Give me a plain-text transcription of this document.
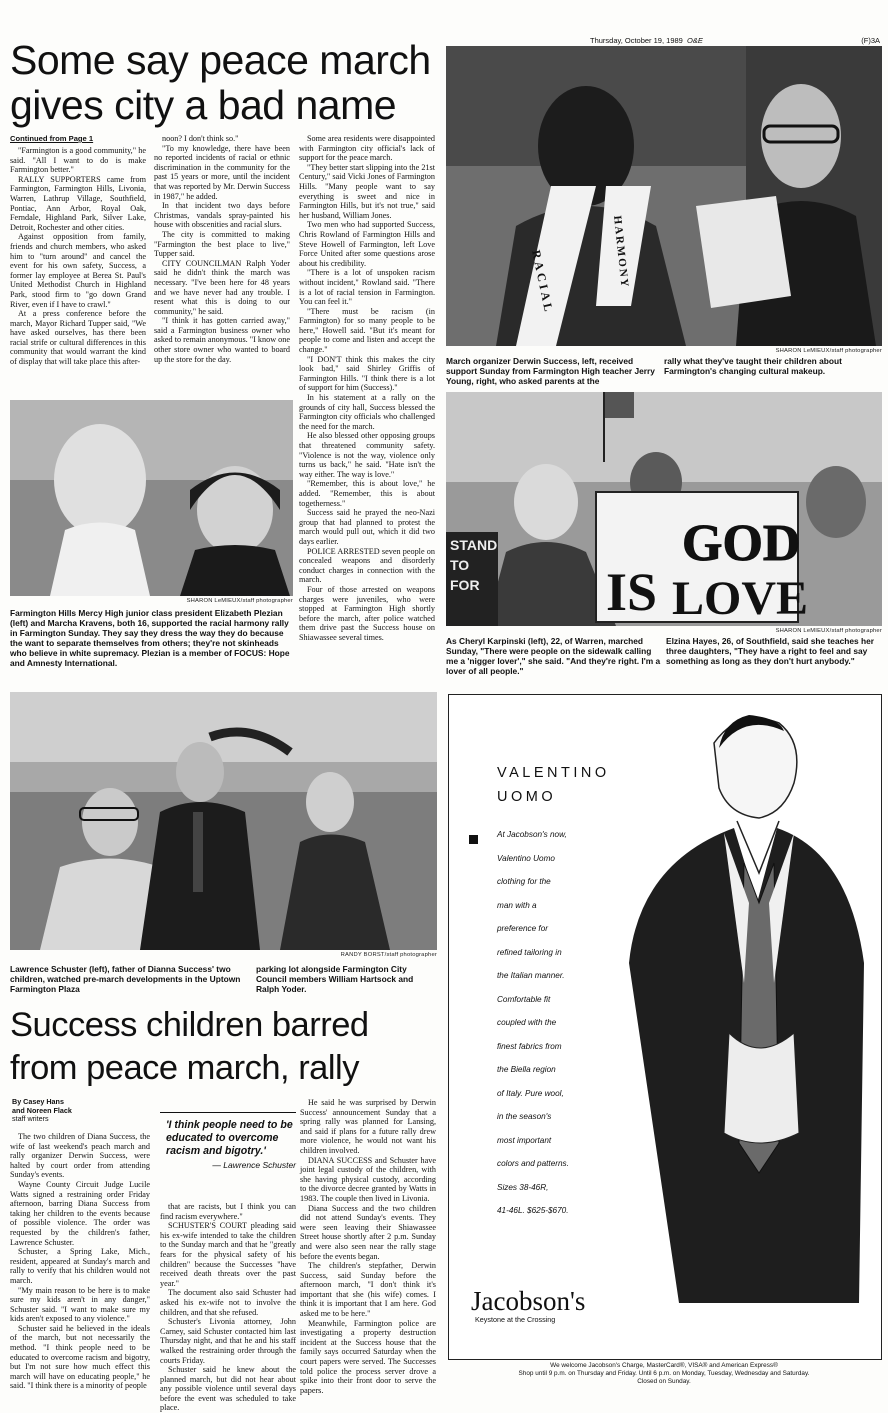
Some say peace march
gives city a bad name
Thursday, October 19, 1989 O&E	(F)3A
Continued from Page 1

"Farmington is a good community," he said. "All I want to do is make Farmington better."

RALLY SUPPORTERS came from Farmington, Farmington Hills, Livonia, Warren, Lathrup Village, Southfield, Pontiac, Ann Arbor, Royal Oak, Ferndale, Highland Park, Silver Lake, Detroit, Rochester and other cities.

Against opposition from family, friends and church members, who asked him to "turn around" and cancel the event for his own safety, Success, a former lay employee at Berea St. Paul's United Methodist Church in Highland Park, stood firm to "go down Grand River, even if I have to crawl."

At a press conference before the march, Mayor Richard Tupper said, "We have asked ourselves, has there been racial strife or cultural differences in this community that would warrant the kind of display that will take place this after-

noon? I don't think so."

"To my knowledge, there have been no reported incidents of racial or ethnic discrimination in the community for the past 15 years or more, until the incident that was reported by Mr. Derwin Success in 1987," he added.

In that incident two days before Christmas, vandals spray-painted his house with obscenities and racial slurs.

The city is committed to making "Farmington the best place to live," Tupper said.

CITY COUNCILMAN Ralph Yoder said he didn't think the march was necessary. "I've been here for 48 years and we have never had any trouble. I resent what this is doing to our community," he said.

"I think it has gotten carried away," said a Farmington business owner who asked to remain anonymous. "I know one other store owner who wanted to board up the store for the day.

Some area residents were disappointed with Farmington city official's lack of support for the peace march.

"They better start slipping into the 21st Century," said Vicki Jones of Farmington Hills. "Many people want to say everything is sweet and nice in Farmington Hills, but it's not true," said her husband, William Jones.

Two men who had supported Success, Chris Rowland of Farmington Hills and Steve Howell of Farmington, left Love Force United after some questions arose about his credibility.

"There is a lot of unspoken racism without incident," Rowland said. "There is a lot of racial tension in Farmington. You can feel it."

"There must be racism (in Farmington) for so many people to be here," Howell said. "But it's meant for people to come and listen and accept the change."

"I DON'T think this makes the city look bad," said Shirley Griffis of Farmington Hills. "I think there is a lot of support for him (Success)."

In his statement at a rally on the grounds of city hall, Success blessed the Farmington city officials who challenged the need for the march.

He also blessed other opposing groups that threatened community safety. "Violence is not the way, violence only turns us back," he said. "Hate isn't the way either. The way is love."

"Remember, this is about love," he added. "Remember, this is about togetherness."

Success said he prayed the neo-Nazi group that had planned to protest the march would pull out, which it did two days earlier.

POLICE ARRESTED seven people on concealed weapons and disorderly conduct charges in connection with the march.

Four of those arrested on weapons charges were juveniles, who were stopped at Farmington High shortly before the march, after police watched them drive past the Success house on Shiawassee several times.

RACIAL	HARMONY
SHARON LeMIEUX/staff photographer
March organizer Derwin Success, left, received support Sunday from Farmington High teacher Jerry Young, right, who asked parents at the
rally what they've taught their children about Farmington's changing cultural makeup.
SHARON LeMIEUX/staff photographer
Farmington Hills Mercy High junior class president Elizabeth Plezian (left) and Marcha Kravens, both 16, supported the racial harmony rally in Farmington Sunday. They say they dress the way they do because the want to separate themselves from others; they're not skinheads who believe in white supremacy. Plezian is a member of FOCUS: Hope and Amnesty International.
GOD
IS LOVE
STAND
TO
FOR
SHARON LeMIEUX/staff photographer
As Cheryl Karpinski (left), 22, of Warren, marched Sunday, "There were people on the sidewalk calling me a 'nigger lover'," she said. "And they're right. I'm a lover of all people."
Elzina Hayes, 26, of Southfield, said she teaches her three daughters, "They have a right to feel and say something as long as they don't hurt anybody."
RANDY BORST/staff photographer
Lawrence Schuster (left), father of Dianna Success' two children, watched pre-march developments in the Uptown Farmington Plaza
parking lot alongside Farmington City Council members William Hartsock and Ralph Yoder.
Success children barred
from peace march, rally
By Casey Hans
and Noreen Flack
staff writers

The two children of Diana Success, the wife of last weekend's peach march and rally organizer Derwin Success, were halted by court order from attending Sunday's events.

Wayne County Circuit Judge Lucile Watts signed a restraining order Friday afternoon, barring Diana Success from taking her children to the events because of possible violence. The order was requested by the children's father, Lawrence Schuster.

Schuster, a Spring Lake, Mich., resident, appeared at Sunday's march and rally to verify that his children would not march.

"My main reason to be here is to make sure my kids aren't in any danger," Schuster said. "I want to make sure my kids aren't exposed to any violence."

Schuster said he believed in the ideals of the march, but not necessarily the method. "I think people need to be educated to overcome racism and bigotry, but I'm not sure how much effect this march will have on educating people," he said. "I think there is a minority of people

'I think people need to be educated to overcome racism and bigotry.'
— Lawrence Schuster

that are racists, but I think you can find racism everywhere."

SCHUSTER'S COURT pleading said his ex-wife intended to take the children to the Sunday march and that he "greatly fears for the physical safety of his children" because the Successes "have received death threats over the past year."

The document also said Schuster had asked his ex-wife not to involve the children, and that she refused.

Schuster's Livonia attorney, John Carney, said Schuster contacted him last Thursday night, and that he and his staff walked the restraining order through the courts Friday.

Schuster said he knew about the planned march, but did not hear about any possible violence until several days before the event was scheduled to take place.

He said he was surprised by Derwin Success' announcement Sunday that a spring rally was planned for Lansing, and said if plans for a future rally drew more violence, he would not want his children involved.

DIANA SUCCESS and Schuster have joint legal custody of the children, with she having physical custody, according to the divorce decree granted by Watts in 1983. The couple then lived in Livonia.

Diana Success and the two children did not attend Sunday's events. They were seen leaving their Shiawassee Street house shortly after 2 p.m. Sunday and were also seen near the rally stage before the events began.

The children's stepfather, Derwin Success, said Sunday before the afternoon march, "I don't think it's important that she (his wife) comes. I think it is important that I am here. God asked me to be here."

Meanwhile, Farmington police are investigating a property destruction incident at the Success house that the family says occurred Saturday when the court papers were served. The Successes told police the process server drove a spike into their front door to serve the papers.

VALENTINO
UOMO
At Jacobson's now,
Valentino Uomo
clothing for the
man with a
preference for
refined tailoring in
the Italian manner.
Comfortable fit
coupled with the
finest fabrics from
the Biella region
of Italy. Pure wool,
in the season's
most important
colors and patterns.
Sizes 38-46R,
41-46L. $625-$670.
Jacobson's
Keystone at the Crossing
We welcome Jacobson's Charge, MasterCard®, VISA® and American Express®
Shop until 9 p.m. on Thursday and Friday. Until 6 p.m. on Monday, Tuesday, Wednesday and Saturday.
Closed on Sunday.
